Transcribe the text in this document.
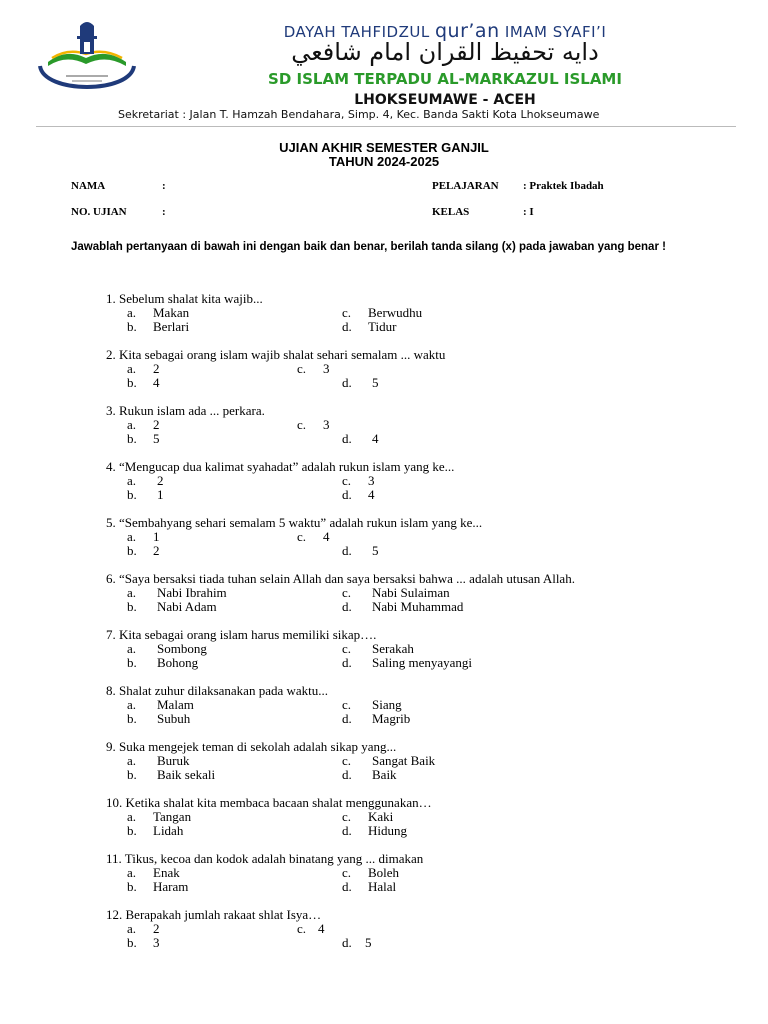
DAYAH TAHFIDZUL qur’an IMAM SYAFI’I
دايه تحفيظ القران امام شافعي
SD ISLAM TERPADU AL-MARKAZUL ISLAMI
LHOKSEUMAWE - ACEH
Sekretariat : Jalan T. Hamzah Bendahara, Simp. 4, Kec. Banda Sakti Kota Lhokseumawe
UJIAN AKHIR SEMESTER GANJIL
TAHUN 2024-2025
NAMA	:	PELAJARAN : Praktek Ibadah
NO. UJIAN	:	KELAS	: I
Jawablah pertanyaan di bawah ini dengan baik dan benar, berilah tanda silang (x) pada jawaban yang benar !
1. Sebelum shalat kita wajib...
a. Makan	c. Berwudhu
b. Berlari	d. Tidur
2. Kita sebagai orang islam wajib shalat sehari semalam ... waktu
a. 2	c. 3
b. 4	d. 5
3. Rukun islam ada ... perkara.
a. 2	c. 3
b. 5	d. 4
4. “Mengucap dua kalimat syahadat” adalah rukun islam yang ke...
a. 2	c. 3
b. 1	d. 4
5. “Sembahyang sehari semalam 5 waktu” adalah rukun islam yang ke...
a. 1	c. 4
b. 2	d. 5
6. “Saya bersaksi tiada tuhan selain Allah dan saya bersaksi bahwa ... adalah utusan Allah.
a. Nabi Ibrahim	c. Nabi Sulaiman
b. Nabi Adam	d. Nabi Muhammad
7. Kita sebagai orang islam harus memiliki sikap….
a. Sombong	c. Serakah
b. Bohong	d. Saling menyayangi
8. Shalat zuhur dilaksanakan pada waktu...
a. Malam	c. Siang
b. Subuh	d. Magrib
9. Suka mengejek teman di sekolah adalah sikap yang...
a. Buruk	c. Sangat Baik
b. Baik sekali	d. Baik
10. Ketika shalat kita membaca bacaan shalat menggunakan…
a. Tangan	c. Kaki
b. Lidah	d. Hidung
11. Tikus, kecoa dan kodok adalah binatang yang ... dimakan
a. Enak	c. Boleh
b. Haram	d. Halal
12. Berapakah jumlah rakaat shlat Isya…
a. 2	c. 4
b. 3	d. 5
